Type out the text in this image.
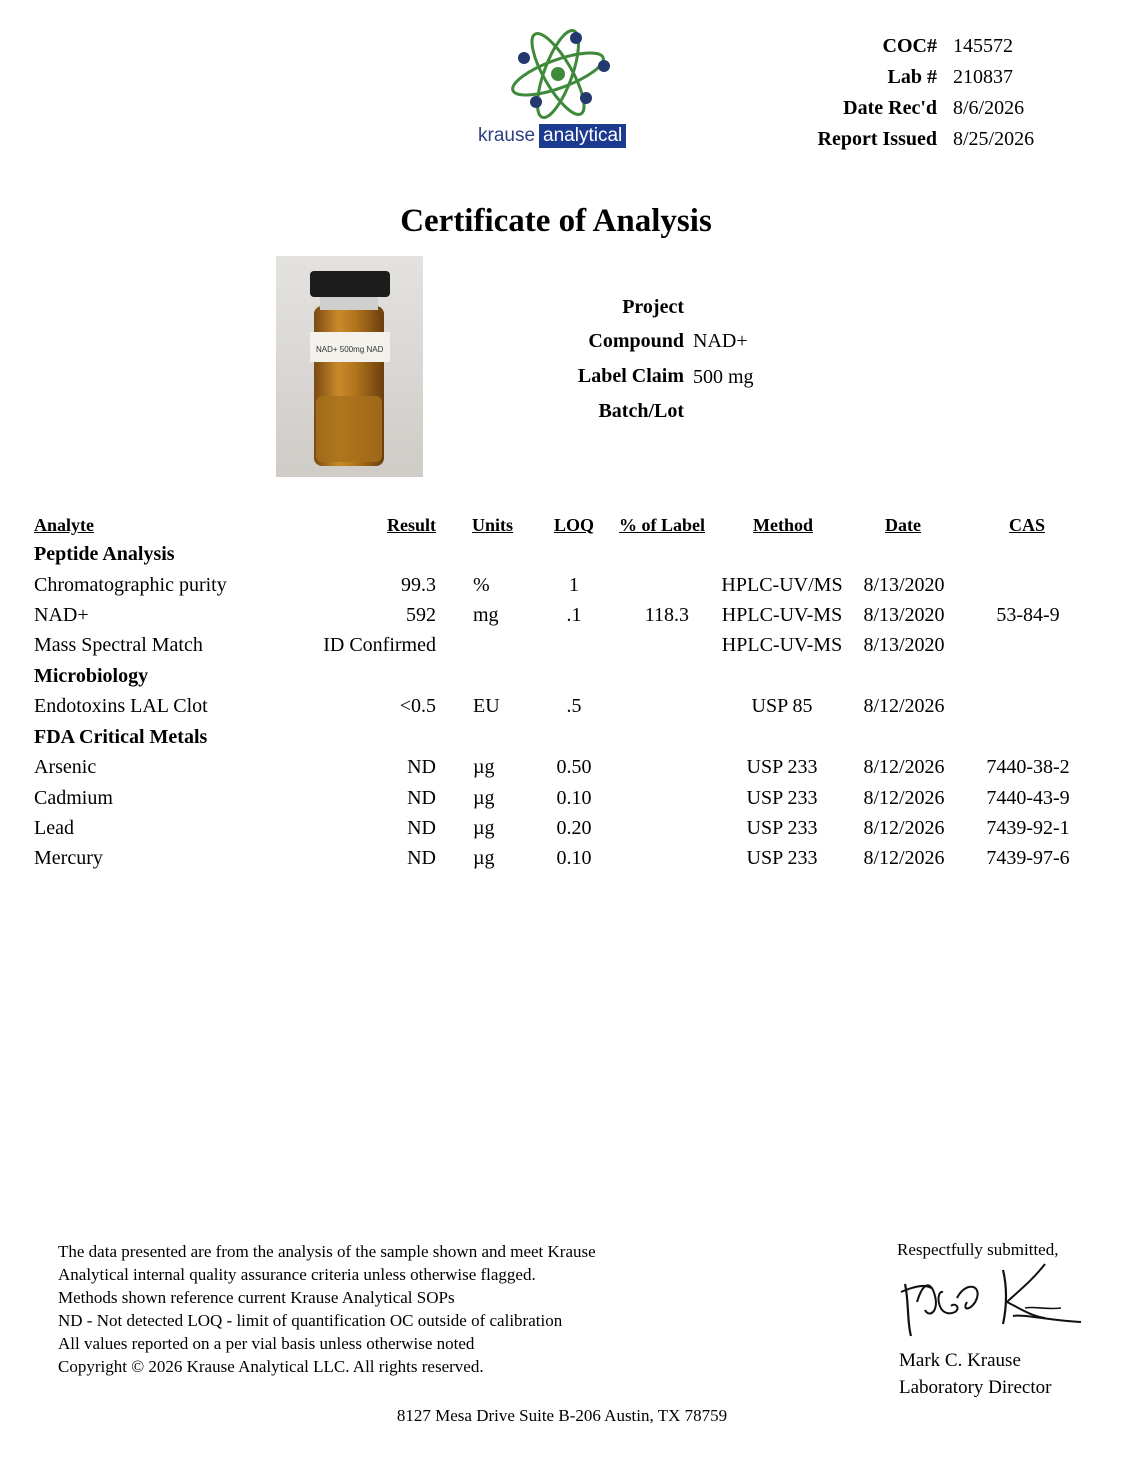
krause analytical
COC# 145572
Lab # 210837
Date Rec'd 8/6/2026
Report Issued 8/25/2026
Certificate of Analysis
NAD+ 500mg NAD
Project
Compound NAD+
Label Claim 500 mg
Batch/Lot
Analyte	Result Units LOQ % of Label	Method	Date	CAS
Peptide Analysis
Chromatographic purity	99.3 %	1	HPLC-UV/MS 8/13/2020
NAD+	592 mg	.1	118.3 HPLC-UV-MS 8/13/2020	53-84-9
Mass Spectral Match	ID Confirmed	HPLC-UV-MS 8/13/2020
Microbiology
Endotoxins LAL Clot	<0.5 EU	.5	USP 85	8/12/2026
FDA Critical Metals
Arsenic	ND µg	0.50	USP 233 8/12/2026 7440-38-2
Cadmium	ND µg	0.10	USP 233 8/12/2026 7440-43-9
Lead	ND µg	0.20	USP 233 8/12/2026 7439-92-1
Mercury	ND µg	0.10	USP 233 8/12/2026 7439-97-6
The data presented are from the analysis of the sample shown and meet Krause
Analytical internal quality assurance criteria unless otherwise flagged.
Methods shown reference current Krause Analytical SOPs
ND - Not detected LOQ - limit of quantification OC outside of calibration
All values reported on a per vial basis unless otherwise noted
Copyright © 2026 Krause Analytical LLC. All rights reserved.
Respectfully submitted,
Mark C. Krause
Laboratory Director
8127 Mesa Drive Suite B-206 Austin, TX 78759
